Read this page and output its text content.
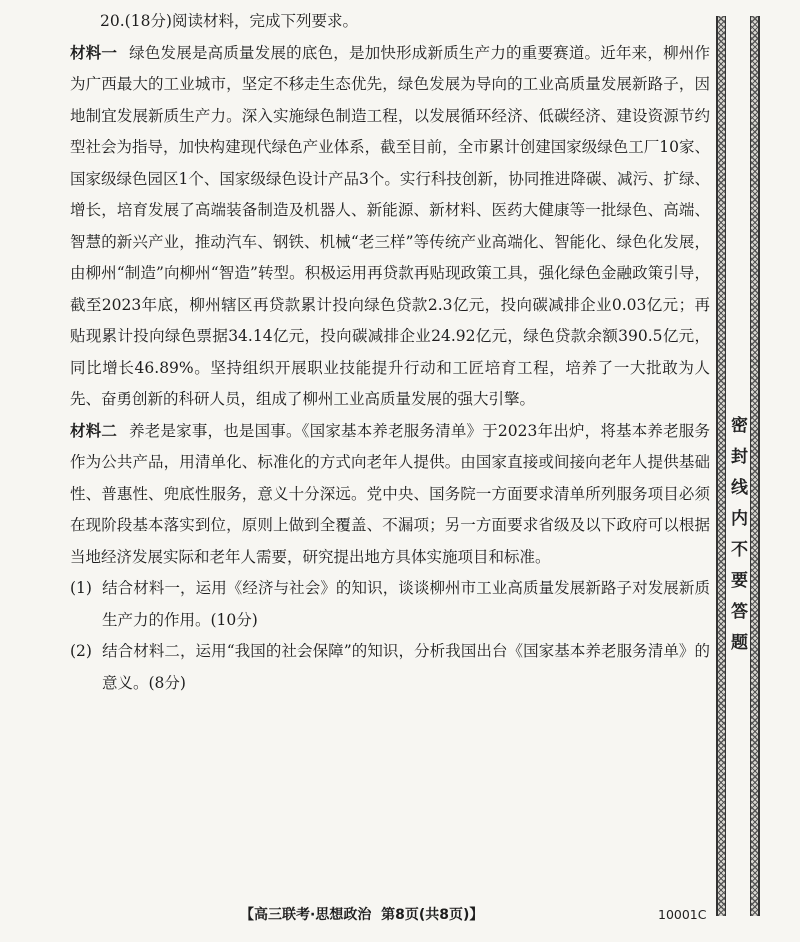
20.(18分)阅读材料，完成下列要求。
材料一 绿色发展是高质量发展的底色，是加快形成新质生产力的重要赛道。近年来，柳州作为广西最大的工业城市，坚定不移走生态优先，绿色发展为导向的工业高质量发展新路子，因地制宜发展新质生产力。深入实施绿色制造工程，以发展循环经济、低碳经济、建设资源节约型社会为指导，加快构建现代绿色产业体系，截至目前，全市累计创建国家级绿色工厂10家、国家级绿色园区1个、国家级绿色设计产品3个。实行科技创新，协同推进降碳、减污、扩绿、增长，培育发展了高端装备制造及机器人、新能源、新材料、医药大健康等一批绿色、高端、智慧的新兴产业，推动汽车、钢铁、机械“老三样”等传统产业高端化、智能化、绿色化发展，由柳州“制造”向柳州“智造”转型。积极运用再贷款再贴现政策工具，强化绿色金融政策引导，截至2023年底，柳州辖区再贷款累计投向绿色贷款2.3亿元，投向碳减排企业0.03亿元；再贴现累计投向绿色票据34.14亿元，投向碳减排企业24.92亿元，绿色贷款余额390.5亿元，同比增长46.89%。坚持组织开展职业技能提升行动和工匠培育工程，培养了一大批敢为人先、奋勇创新的科研人员，组成了柳州工业高质量发展的强大引擎。
材料二 养老是家事，也是国事。《国家基本养老服务清单》于2023年出炉，将基本养老服务作为公共产品，用清单化、标准化的方式向老年人提供。由国家直接或间接向老年人提供基础性、普惠性、兜底性服务，意义十分深远。党中央、国务院一方面要求清单所列服务项目必须在现阶段基本落实到位，原则上做到全覆盖、不漏项；另一方面要求省级及以下政府可以根据当地经济发展实际和老年人需要，研究提出地方具体实施项目和标准。
(1) 结合材料一，运用《经济与社会》的知识，谈谈柳州市工业高质量发展新路子对发展新质生产力的作用。(10分)
(2) 结合材料二，运用“我国的社会保障”的知识，分析我国出台《国家基本养老服务清单》的意义。(8分)
密封线内不要答题
【高三联考·思想政治 第8页(共8页)】	10001C
